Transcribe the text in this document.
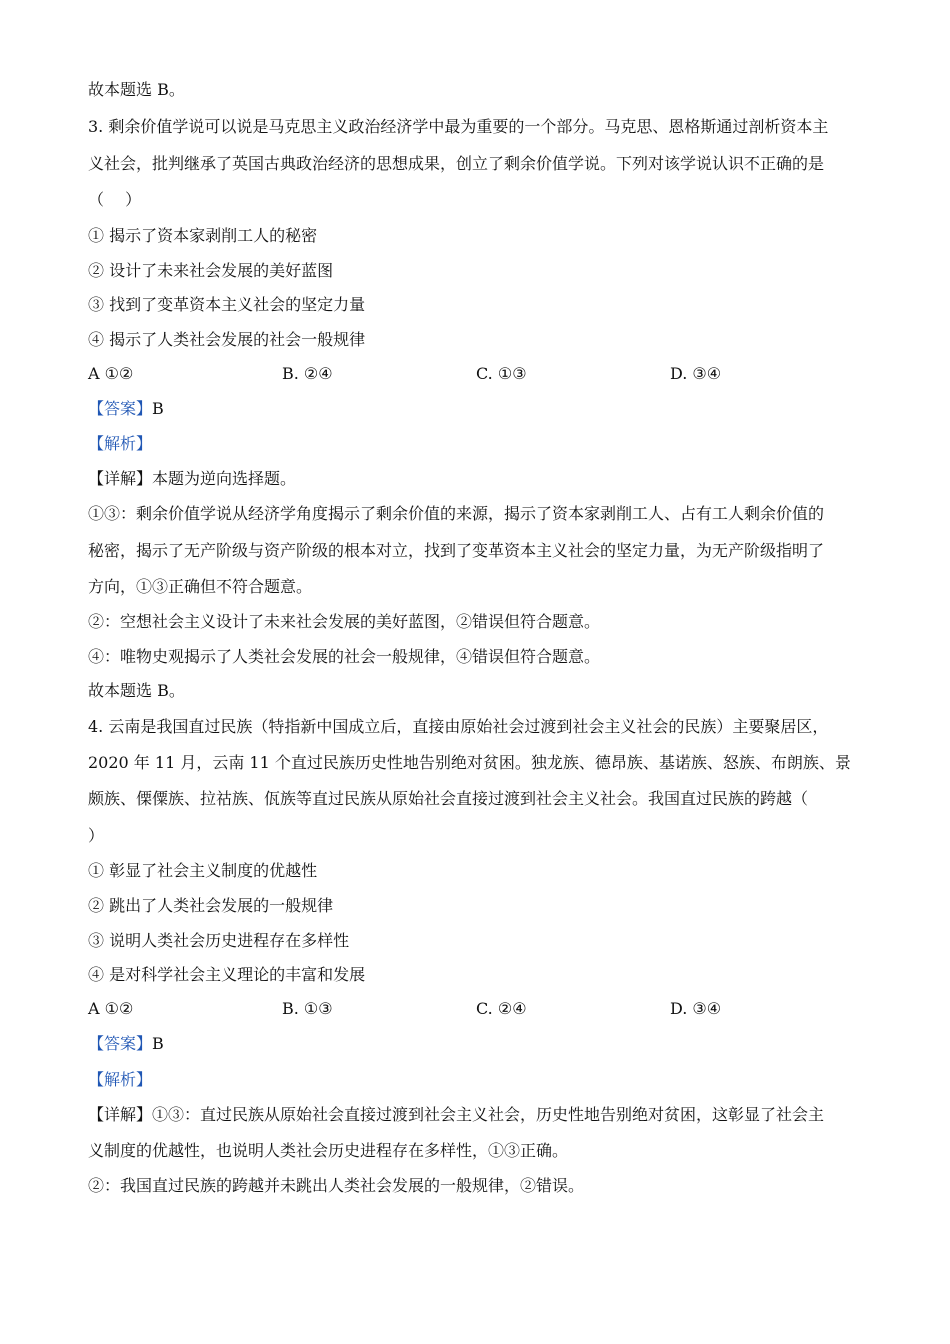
故本题选 B。
3. 剩余价值学说可以说是马克思主义政治经济学中最为重要的一个部分。马克思、恩格斯通过剖析资本主
义社会，批判继承了英国古典政治经济的思想成果，创立了剩余价值学说。下列对该学说认识不正确的是
（　 ）
① 揭示了资本家剥削工人的秘密
② 设计了未来社会发展的美好蓝图
③ 找到了变革资本主义社会的坚定力量
④ 揭示了人类社会发展的社会一般规律
A ①②	B. ②④	C. ①③	D. ③④
【答案】B
【解析】
【详解】本题为逆向选择题。
①③：剩余价值学说从经济学角度揭示了剩余价值的来源，揭示了资本家剥削工人、占有工人剩余价值的
秘密，揭示了无产阶级与资产阶级的根本对立，找到了变革资本主义社会的坚定力量，为无产阶级指明了
方向，①③正确但不符合题意。
②：空想社会主义设计了未来社会发展的美好蓝图，②错误但符合题意。
④：唯物史观揭示了人类社会发展的社会一般规律，④错误但符合题意。
故本题选 B。
4. 云南是我国直过民族（特指新中国成立后，直接由原始社会过渡到社会主义社会的民族）主要聚居区，
2020 年 11 月，云南 11 个直过民族历史性地告别绝对贫困。独龙族、德昂族、基诺族、怒族、布朗族、景
颇族、傈僳族、拉祜族、佤族等直过民族从原始社会直接过渡到社会主义社会。我国直过民族的跨越（
）
① 彰显了社会主义制度的优越性
② 跳出了人类社会发展的一般规律
③ 说明人类社会历史进程存在多样性
④ 是对科学社会主义理论的丰富和发展
A ①②	B. ①③	C. ②④	D. ③④
【答案】B
【解析】
【详解】①③：直过民族从原始社会直接过渡到社会主义社会，历史性地告别绝对贫困，这彰显了社会主
义制度的优越性，也说明人类社会历史进程存在多样性，①③正确。
②：我国直过民族的跨越并未跳出人类社会发展的一般规律，②错误。
